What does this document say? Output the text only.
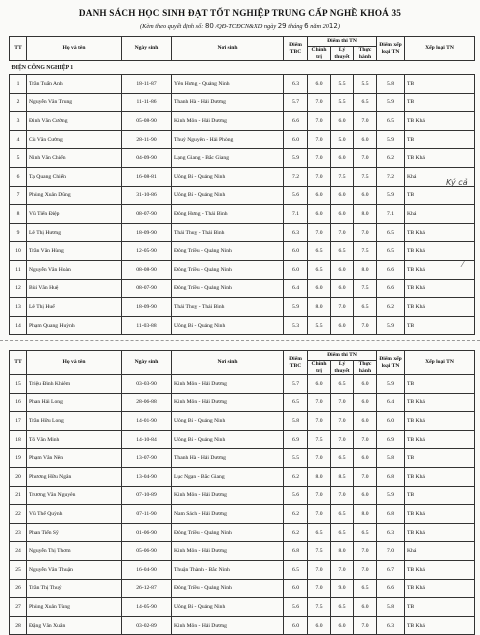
DANH SÁCH HỌC SINH ĐẠT TỐT NGHIỆP TRUNG CẤP NGHỀ KHOÁ 35
(Kèm theo quyết định số: 80 /QĐ-TCĐCN&XD ngày 29 tháng 6 năm 2012)
TT	Họ và tên	Ngày sinh	Nơi sinh	Điểm TBC	Điểm thi TN			Điểm xếp loại TN	Xếp loại TN
					Chính trị	Lý thuyết	Thực hành		
ĐIỆN CÔNG NGHIỆP 1									
1	Trần Tuấn Anh	18-11-87	Yên Hưng - Quảng Ninh	6.3	6.0	5.5	5.5	5.8	TB
2	Nguyễn Văn Trung	11-11-86	Thanh Hà - Hải Dương	5.7	7.0	5.5	6.5	5.9	TB
3	Đinh Văn Cường	05-08-90	Kinh Môn - Hải Dương	6.6	7.0	6.0	7.0	6.5	TB Khá
4	Cù Văn Cường	28-11-90	Thuỷ Nguyên - Hải Phòng	6.0	7.0	5.0	6.0	5.9	TB
5	Ninh Văn Chiến	04-09-90	Lạng Giang - Bắc Giang	5.9	7.0	6.0	7.0	6.2	TB Khá
6	Tạ Quang Chiến	16-08-81	Uông Bí - Quảng Ninh	7.2	7.0	7.5	7.5	7.2	Khá
7	Phùng Xuân Dũng	31-10-86	Uông Bí - Quảng Ninh	5.6	6.0	6.0	6.0	5.9	TB
8	Vũ Tiến Điệp	08-07-90	Đông Hưng - Thái Bình	7.1	6.0	6.0	8.0	7.1	Khá
9	Lê Thị Hương	18-09-90	Thái Thuỵ - Thái Bình	6.3	7.0	7.0	7.0	6.5	TB Khá
10	Trần Văn Hùng	12-05-90	Đông Triều - Quảng Ninh	6.0	6.5	6.5	7.5	6.5	TB Khá
11	Nguyễn Văn Hoàn	08-08-90	Đông Triều - Quảng Ninh	6.0	6.5	6.0	8.0	6.6	TB Khá
12	Bùi Văn Huệ	08-07-90	Đông Triều - Quảng Ninh	6.4	6.0	6.0	7.5	6.6	TB Khá
13	Lê Thị Huế	18-09-90	Thái Thuỵ - Thái Bình	5.9	8.0	7.0	6.5	6.2	TB Khá
14	Phạm Quang Huỳnh	11-03-88	Uông Bí - Quảng Ninh	5.3	5.5	6.0	7.0	5.9	TB
TT	Họ và tên	Ngày sinh	Nơi sinh	Điểm TBC	Điểm thi TN			Điểm xếp loại TN	Xếp loại TN
					Chính trị	Lý thuyết	Thực hành		
15	Triệu Đình Khiêm	03-03-90	Kinh Môn - Hải Dương	5.7	6.0	6.5	6.0	5.9	TB
16	Phan Hải Long	28-06-88	Kinh Môn - Hải Dương	6.5	7.0	7.0	6.0	6.4	TB Khá
17	Trần Hữu Long	14-01-90	Uông Bí - Quảng Ninh	5.8	7.0	7.0	6.0	6.0	TB Khá
18	Tô Văn Minh	14-10-84	Uông Bí - Quảng Ninh	6.9	7.5	7.0	7.0	6.9	TB Khá
19	Phạm Văn Nên	13-07-90	Thanh Hà - Hải Dương	5.5	7.0	6.5	6.0	5.8	TB
20	Phương Hữu Ngân	13-04-90	Lục Ngạn - Bắc Giang	6.2	8.0	8.5	7.0	6.8	TB Khá
21	Trương Văn Nguyên	07-10-89	Kinh Môn - Hải Dương	5.6	7.0	7.0	6.0	5.9	TB
22	Vũ Thế Quỳnh	07-11-90	Nam Sách - Hải Dương	6.2	7.0	6.5	8.0	6.8	TB Khá
23	Phan Tiến Sỹ	01-06-90	Đông Triều - Quảng Ninh	6.2	6.5	6.5	6.5	6.3	TB Khá
24	Nguyễn Thị Thơm	05-06-90	Kinh Môn - Hải Dương	6.8	7.5	8.0	7.0	7.0	Khá
25	Nguyễn Văn Thuận	16-04-90	Thuận Thành - Bắc Ninh	6.5	7.0	7.0	7.0	6.7	TB Khá
26	Trần Thị Thuý	26-12-87	Đông Triều - Quảng Ninh	6.0	7.0	9.0	6.5	6.6	TB Khá
27	Phùng Xuân Tùng	14-05-90	Uông Bí - Quảng Ninh	5.6	7.5	6.5	6.0	5.8	TB
28	Đặng Văn Xuân	03-02-89	Kinh Môn - Hải Dương	6.0	6.0	6.0	7.0	6.3	TB Khá
Ký cả
⁄
